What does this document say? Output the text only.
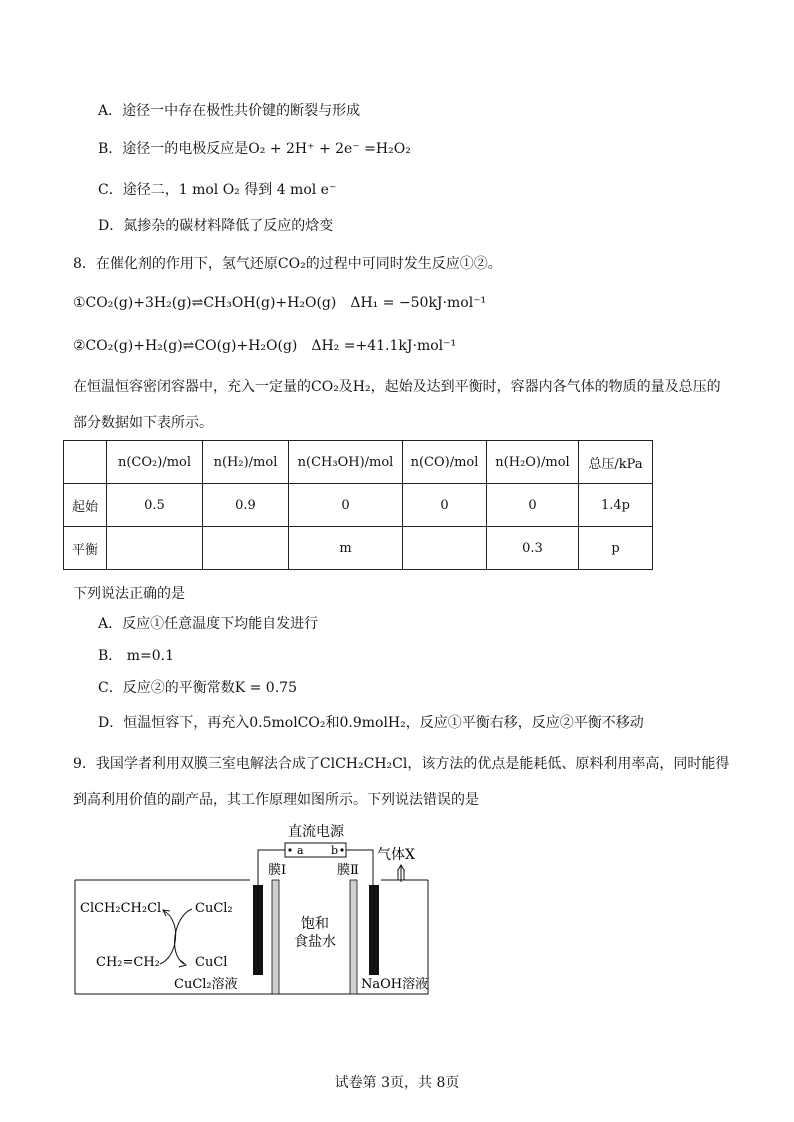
A．途径一中存在极性共价键的断裂与形成
B．途径一的电极反应是O₂ + 2H⁺ + 2e⁻ =H₂O₂
C．途径二，1 mol O₂ 得到 4 mol e⁻
D．氮掺杂的碳材料降低了反应的焓变
8．在催化剂的作用下，氢气还原CO₂的过程中可同时发生反应①②。
①CO₂(g)+3H₂(g)⇌CH₃OH(g)+H₂O(g)　ΔH₁ = −50kJ·mol⁻¹
②CO₂(g)+H₂(g)⇌CO(g)+H₂O(g)　ΔH₂ =+41.1kJ·mol⁻¹
在恒温恒容密闭容器中，充入一定量的CO₂及H₂，起始及达到平衡时，容器内各气体的物质的量及总压的
部分数据如下表所示。
	n(CO₂)/mol	n(H₂)/mol	n(CH₃OH)/mol	n(CO)/mol	n(H₂O)/mol	总压/kPa
起始	0.5	0.9	0	0	0	1.4p
平衡			m		0.3	p
下列说法正确的是
A．反应①任意温度下均能自发进行
B． m=0.1
C．反应②的平衡常数K = 0.75
D．恒温恒容下，再充入0.5molCO₂和0.9molH₂，反应①平衡右移，反应②平衡不移动
9．我国学者利用双膜三室电解法合成了ClCH₂CH₂Cl，该方法的优点是能耗低、原料利用率高，同时能得
到高利用价值的副产品，其工作原理如图所示。下列说法错误的是
直流电源
a b
膜Ⅰ	膜Ⅱ
气体X
ClCH₂CH₂Cl
CH₂=CH₂
CuCl₂
CuCl
CuCl₂溶液
饱和
食盐水
NaOH溶液
试卷第 3页，共 8页
